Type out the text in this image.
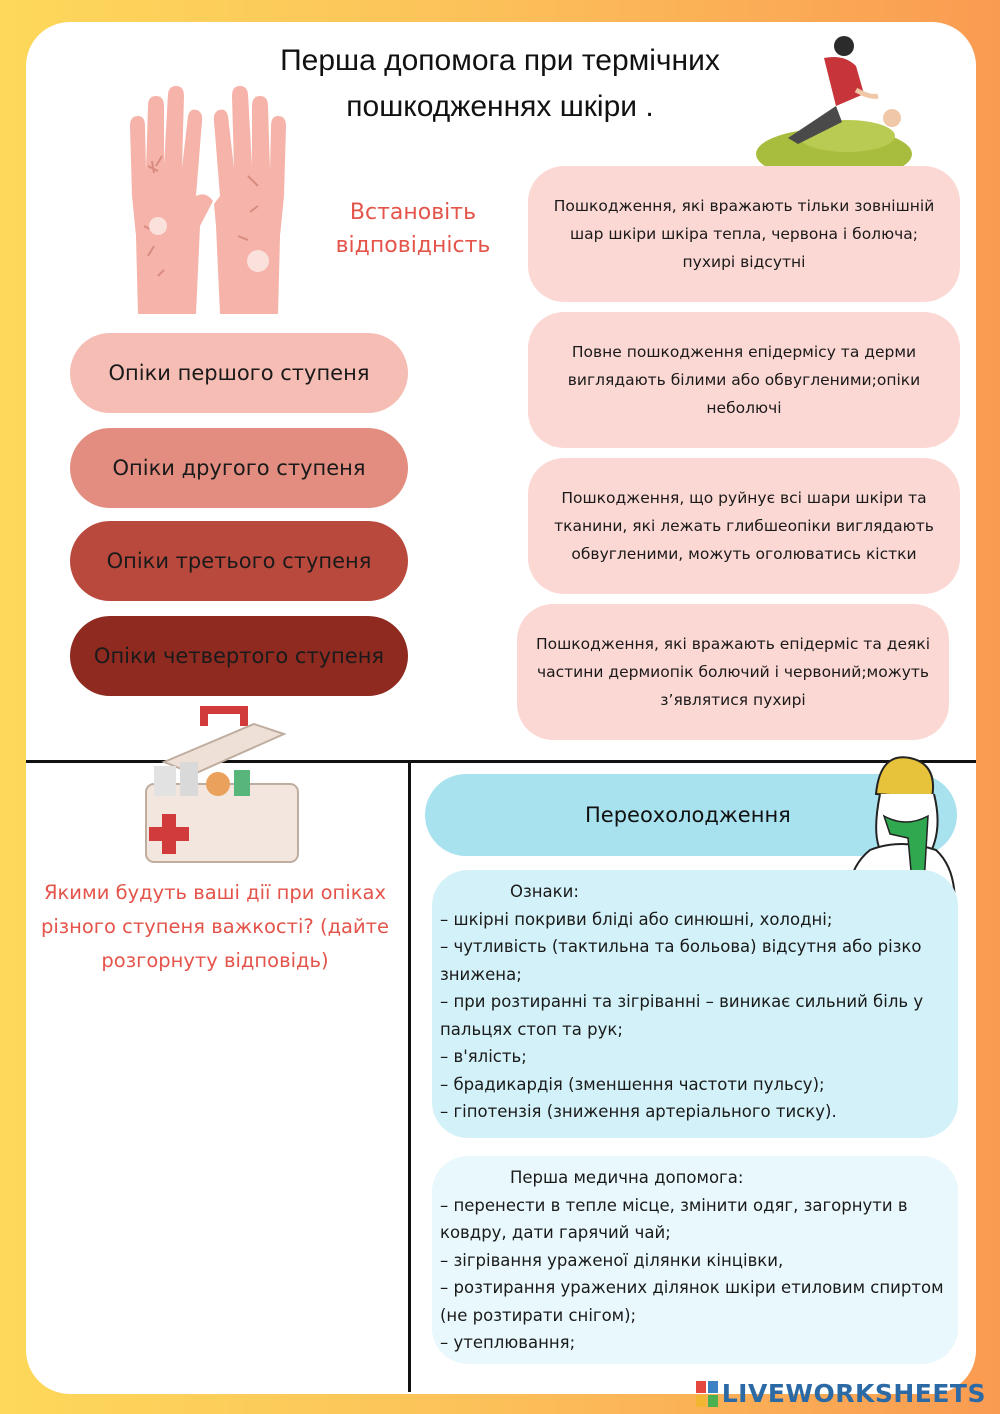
Перша допомога при термічних
пошкодженнях шкіри .
Встановіть відповідність
Опіки першого ступеня
Опіки другого ступеня
Опіки третього ступеня
Опіки четвертого ступеня
Пошкодження, які вражають тільки зовнішній шар шкіри шкіра тепла, червона і болюча; пухирі відсутні
Повне пошкодження епідермісу та дерми виглядають білими або обвугленими;опіки неболючі
Пошкодження, що руйнує всі шари шкіри та тканини, які лежать глибшеопіки виглядають обвугленими, можуть оголюватись кістки
Пошкодження, які вражають епідерміс та деякі частини дермиопік болючий і червоний;можуть з’являтися пухирі
Якими будуть ваші дії при опіках різного ступеня важкості? (дайте розгорнуту відповідь)
Переохолодження

Ознаки:

– шкірні покриви бліді або синюшні, холодні;

– чутливість (тактильна та больова) відсутня або різко знижена;

– при розтиранні та зігріванні – виникає сильний біль у пальцях стоп та рук;

– в'ялість;

– брадикардія (зменшення частоти пульсу);

– гіпотензія (зниження артеріального тиску).

Перша медична допомога:

– перенести в тепле місце, змінити одяг, загорнути в ковдру, дати гарячий чай;

– зігрівання ураженої ділянки кінцівки,

– розтирання уражених ділянок шкіри етиловим спиртом (не розтирати снігом);

– утеплювання;

LIVEWORKSHEETS
